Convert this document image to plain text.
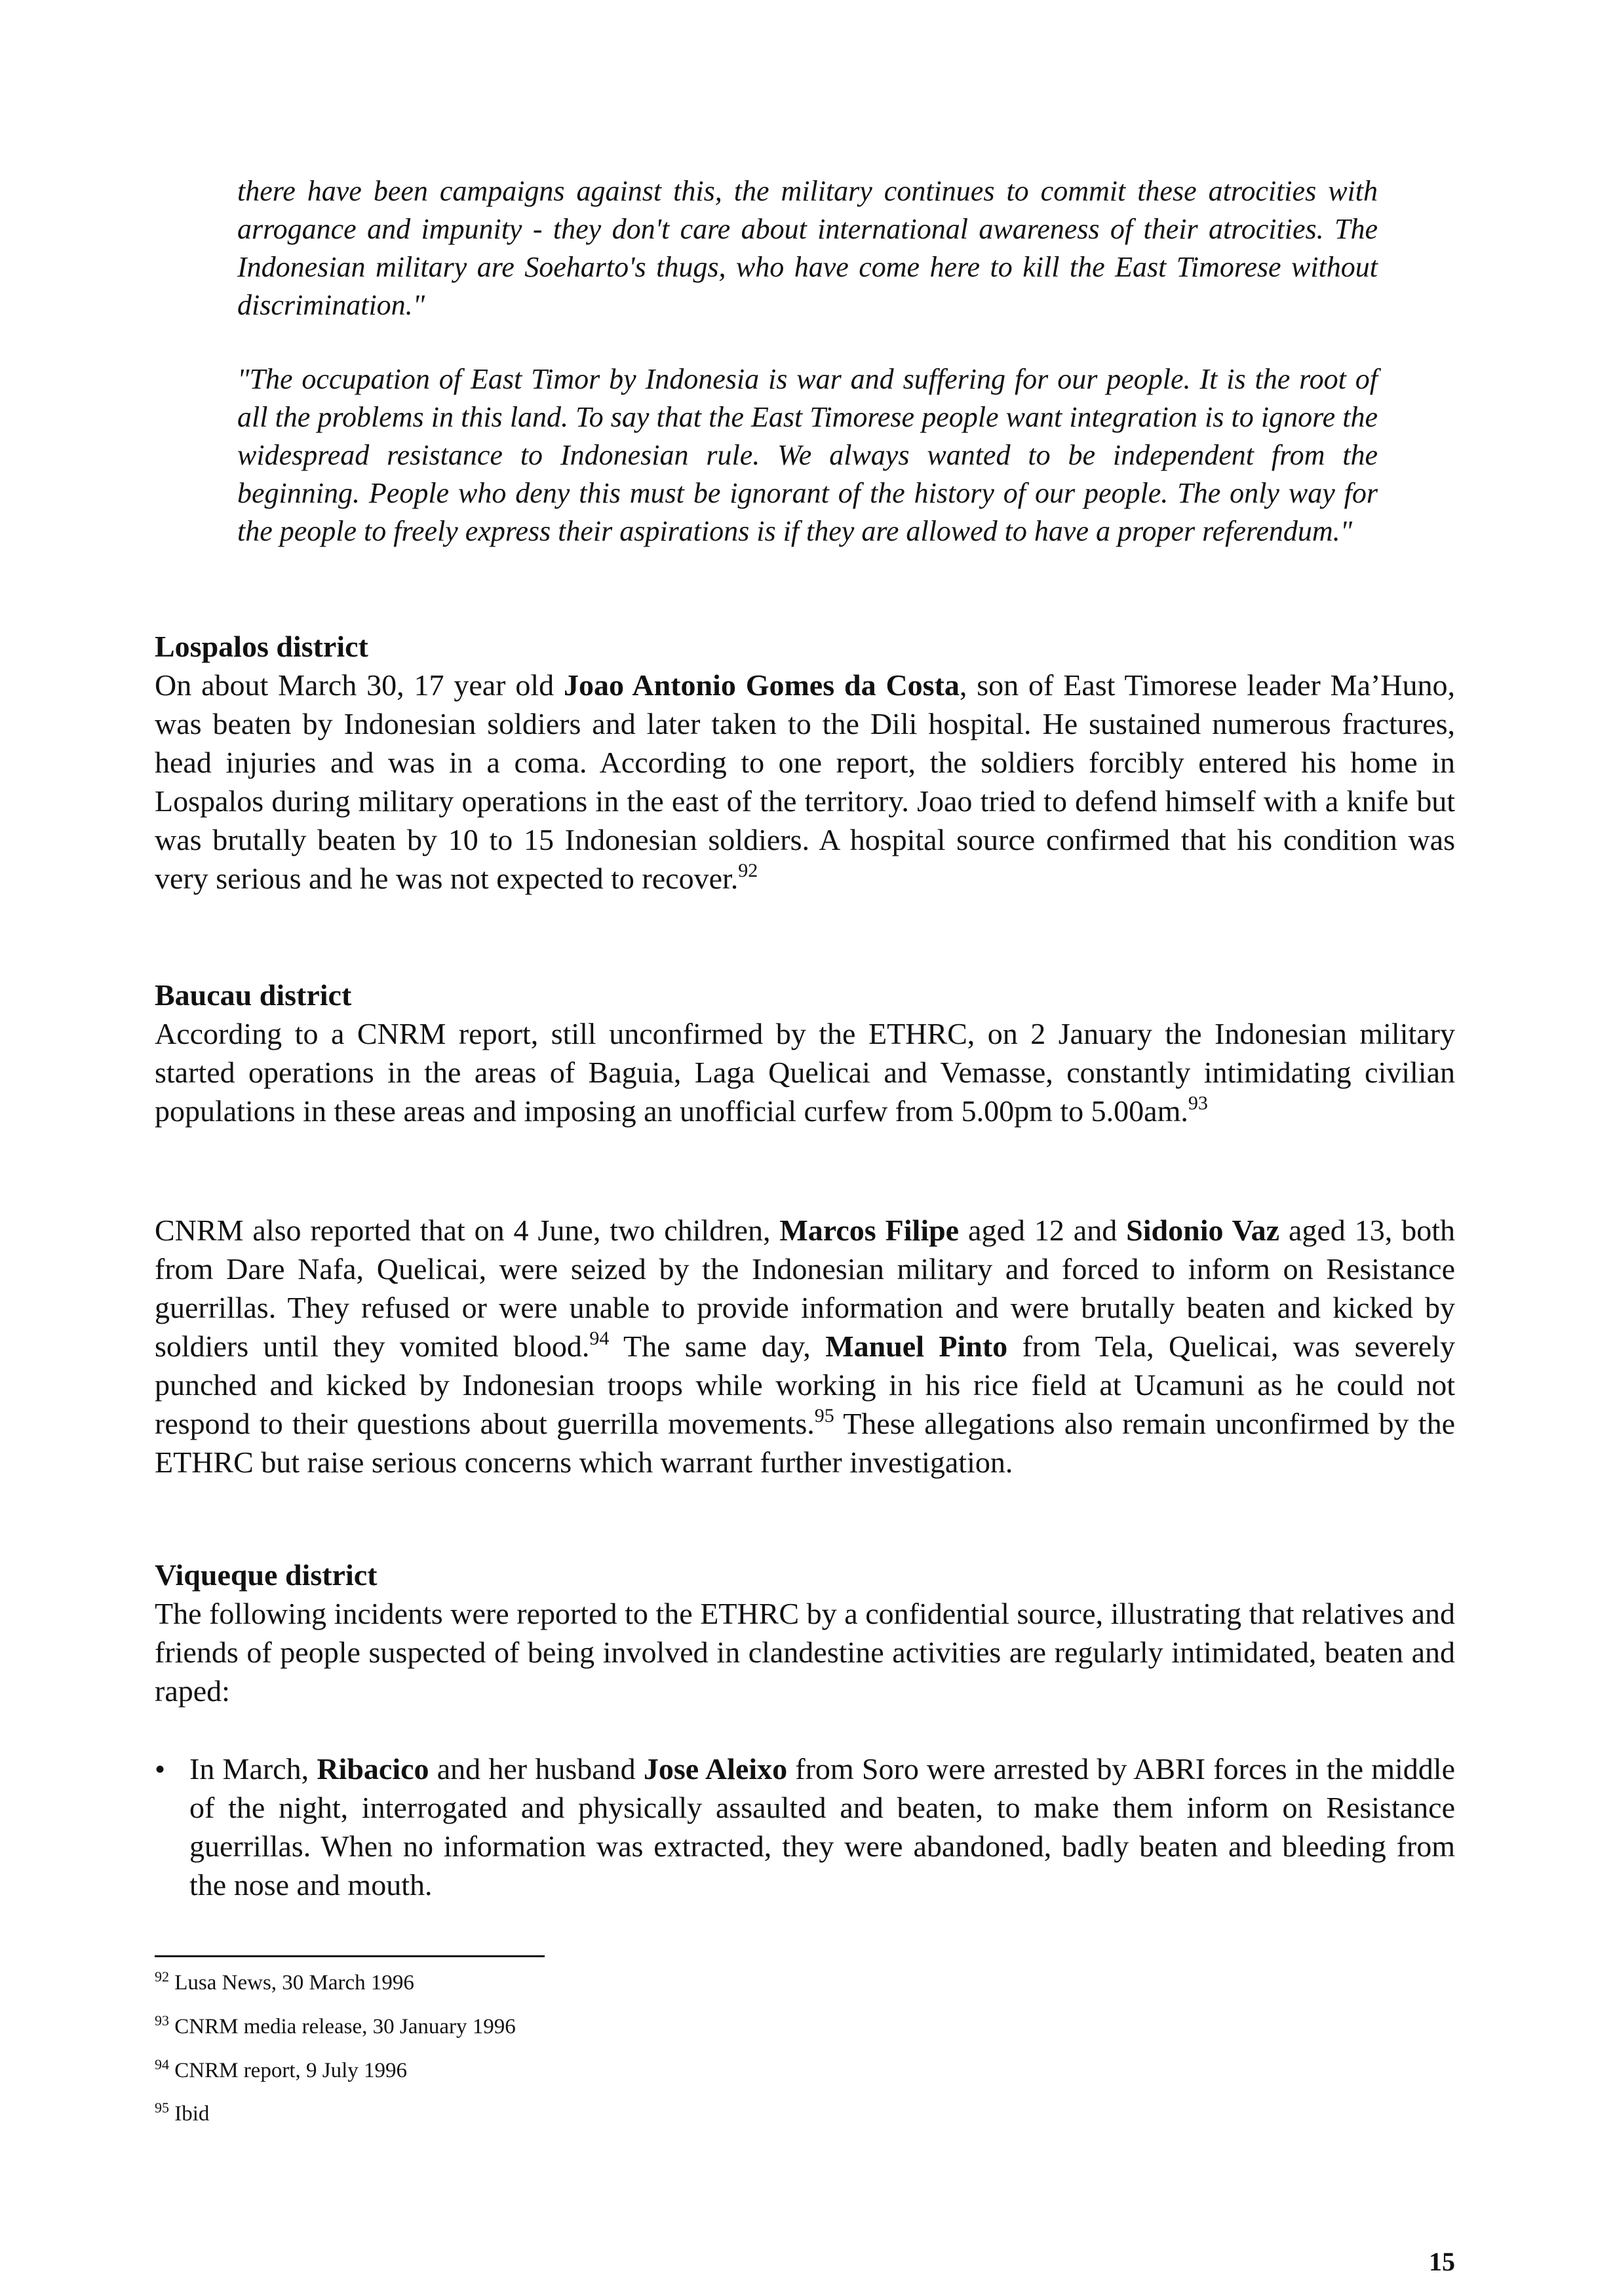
there have been campaigns against this, the military continues to commit these atrocities with arrogance and impunity - they don't care about international awareness of their atrocities. The Indonesian military are Soeharto's thugs, who have come here to kill the East Timorese without discrimination."

"The occupation of East Timor by Indonesia is war and suffering for our people. It is the root of all the problems in this land. To say that the East Timorese people want integration is to ignore the widespread resistance to Indonesian rule. We always wanted to be independent from the beginning. People who deny this must be ignorant of the history of our people. The only way for the people to freely express their aspirations is if they are allowed to have a proper referendum."

Lospalos district

On about March 30, 17 year old Joao Antonio Gomes da Costa, son of East Timorese leader Ma’Huno, was beaten by Indonesian soldiers and later taken to the Dili hospital. He sustained numerous fractures, head injuries and was in a coma. According to one report, the soldiers forcibly entered his home in Lospalos during military operations in the east of the territory. Joao tried to defend himself with a knife but was brutally beaten by 10 to 15 Indonesian soldiers. A hospital source confirmed that his condition was very serious and he was not expected to recover.$^{92}$

Baucau district

According to a CNRM report, still unconfirmed by the ETHRC, on 2 January the Indonesian military started operations in the areas of Baguia, Laga Quelicai and Vemasse, constantly intimidating civilian populations in these areas and imposing an unofficial curfew from 5.00pm to 5.00am.$^{93}$

CNRM also reported that on 4 June, two children, Marcos Filipe aged 12 and Sidonio Vaz aged 13, both from Dare Nafa, Quelicai, were seized by the Indonesian military and forced to inform on Resistance guerrillas. They refused or were unable to provide information and were brutally beaten and kicked by soldiers until they vomited blood.$^{94}$ The same day, Manuel Pinto from Tela, Quelicai, was severely punched and kicked by Indonesian troops while working in his rice field at Ucamuni as he could not respond to their questions about guerrilla movements.$^{95}$ These allegations also remain unconfirmed by the ETHRC but raise serious concerns which warrant further investigation.

Viqueque district

The following incidents were reported to the ETHRC by a confidential source, illustrating that relatives and friends of people suspected of being involved in clandestine activities are regularly intimidated, beaten and raped:

• In March, Ribacico and her husband Jose Aleixo from Soro were arrested by ABRI forces in the middle of the night, interrogated and physically assaulted and beaten, to make them inform on Resistance guerrillas. When no information was extracted, they were abandoned, badly beaten and bleeding from the nose and mouth.

$^{92}$ Lusa News, 30 March 1996

$^{93}$ CNRM media release, 30 January 1996

$^{94}$ CNRM report, 9 July 1996

$^{95}$ Ibid

15
